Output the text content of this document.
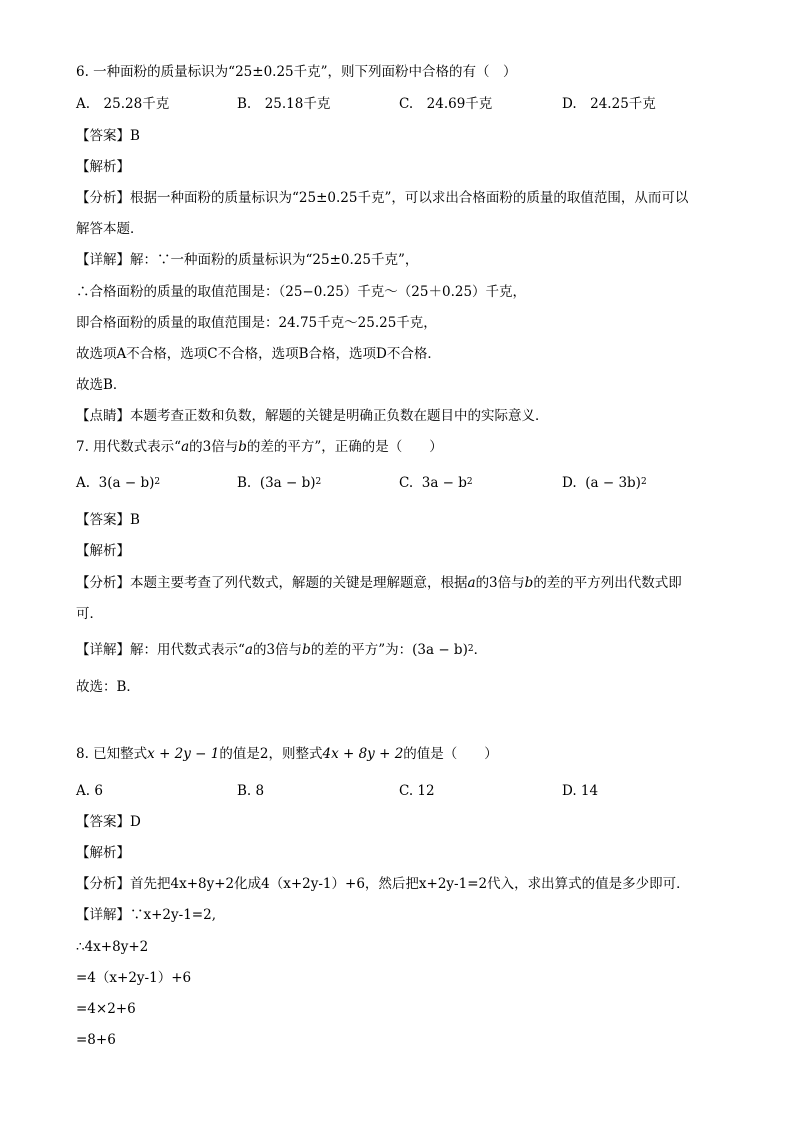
6. 一种面粉的质量标识为“25±0.25千克”，则下列面粉中合格的有（　）
A.　25.28千克	B.　25.18千克	C.　24.69千克	D.　24.25千克
【答案】B
【解析】
【分析】根据一种面粉的质量标识为“25±0.25千克”，可以求出合格面粉的质量的取值范围，从而可以
解答本题．
【详解】解：∵一种面粉的质量标识为“25±0.25千克”，
∴合格面粉的质量的取值范围是：（25−0.25）千克～（25＋0.25）千克，
即合格面粉的质量的取值范围是：24.75千克～25.25千克，
故选项A不合格，选项C不合格，选项B合格，选项D不合格．
故选B．
【点睛】本题考查正数和负数，解题的关键是明确正负数在题目中的实际意义．
7. 用代数式表示“a的3倍与b的差的平方”，正确的是（　　）
A. $3(a - b)^2$	B. $(3a - b)^2$	C. $3a - b^2$	D. $(a - 3b)^2$
【答案】B
【解析】
【分析】本题主要考查了列代数式，解题的关键是理解题意，根据a的3倍与b的差的平方列出代数式即
可．
【详解】解：用代数式表示“a的3倍与b的差的平方”为：$(3a - b)^2$．
故选：B．
8. 已知整式x + 2y − 1的值是2，则整式4x + 8y + 2的值是（　　）
A. 6	B. 8	C. 12	D. 14
【答案】D
【解析】
【分析】首先把4x+8y+2化成4（x+2y-1）+6，然后把x+2y-1=2代入，求出算式的值是多少即可．
【详解】∵x+2y-1=2,
∴4x+8y+2
=4（x+2y-1）+6
=4×2+6
=8+6
